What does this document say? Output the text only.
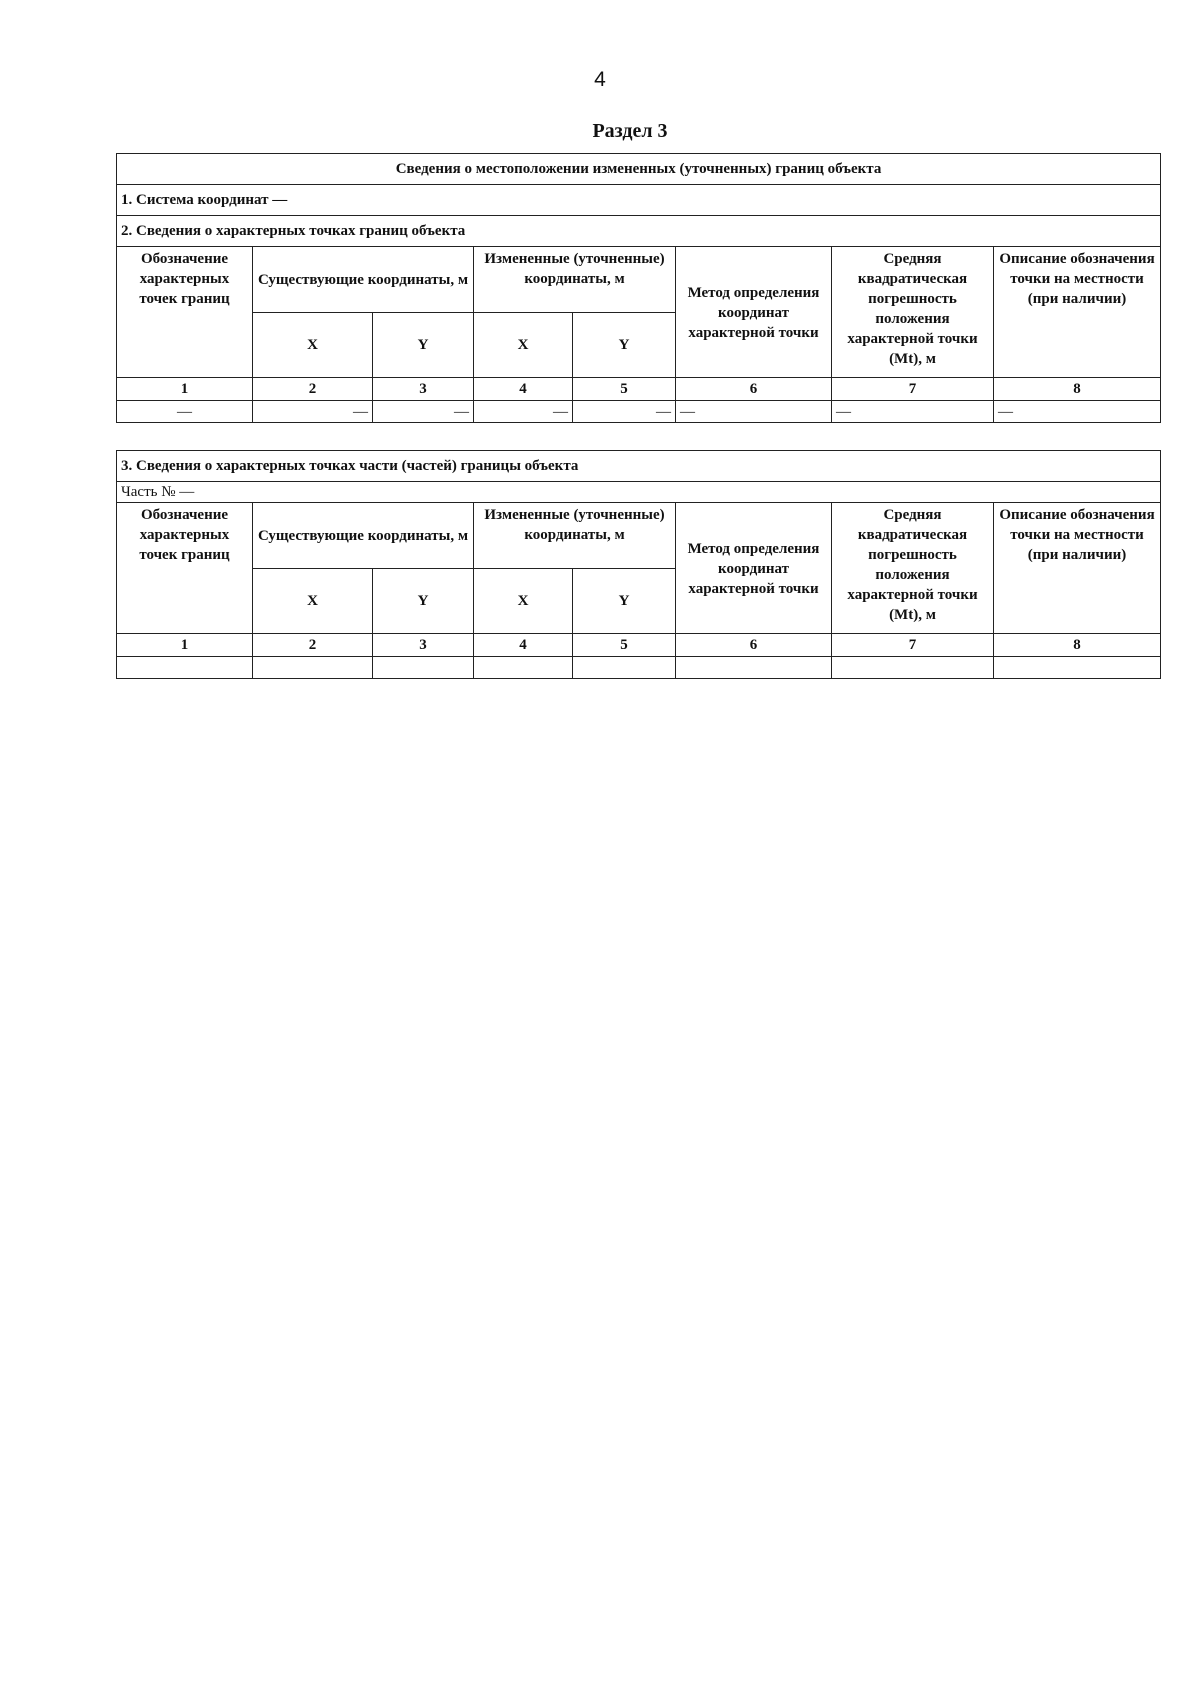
4
Раздел 3
Сведения о местоположении измененных (уточненных) границ объекта							
1. Система координат —							
2. Сведения о характерных точках границ объекта							
Обозначение характерных точек границ	Существующие координаты, м		Измененные (уточненные) координаты, м		Метод определения координат характерной точки	Средняя квадратическая погрешность положения характерной точки (Mt), м	Описание обозначения точки на местности (при наличии)
	X	Y	X	Y			
1	2	3	4	5	6	7	8
—	—	—	—	—	—	—	—
3. Сведения о характерных точках части (частей) границы объекта							
Часть № —							
Обозначение характерных точек границ	Существующие координаты, м		Измененные (уточненные) координаты, м		Метод определения координат характерной точки	Средняя квадратическая погрешность положения характерной точки (Mt), м	Описание обозначения точки на местности (при наличии)
	X	Y	X	Y			
1	2	3	4	5	6	7	8
